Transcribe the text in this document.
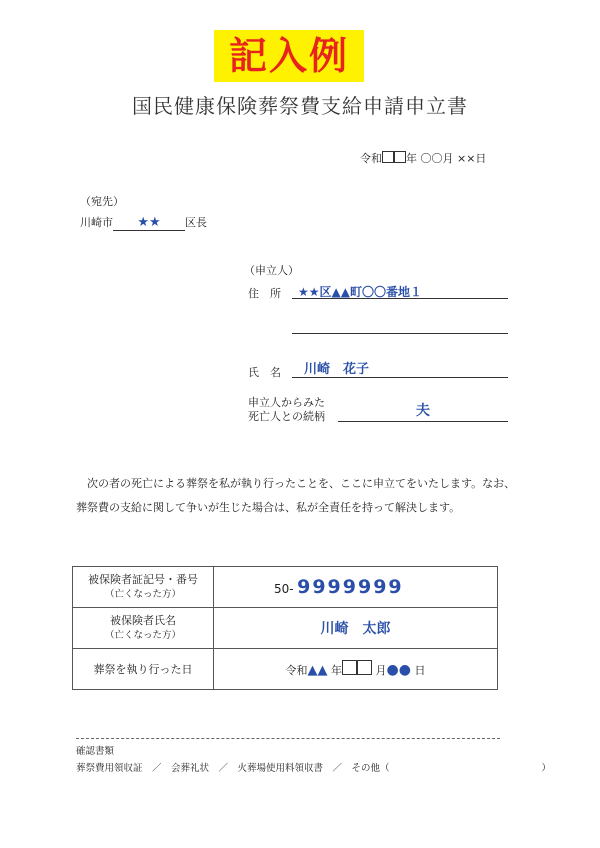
記入例
国民健康保険葬祭費支給申請申立書
令和 年 〇〇月 ××日
（宛先）
川崎市 ★★ 区長
（申立人）
住　所	★★区▲▲町〇〇番地１
氏　名	川崎　花子
申立人からみた
死亡人との続柄	夫
次の者の死亡による葬祭を私が執り行ったことを、ここに申立てをいたします。なお、葬祭費の支給に関して争いが生じた場合は、私が全責任を持って解決します。
被保険者証記号・番号
（亡くなった方）	50- 9999999

被保険者氏名
（亡くなった方）	川崎　太郎

葬祭を執り行った日	令和▲▲ 年 月●● 日
確認書類
葬祭費用領収証　／　会葬礼状　／　火葬場使用料領収書　／　その他（　　　　　　　　　　　　　　　　）
